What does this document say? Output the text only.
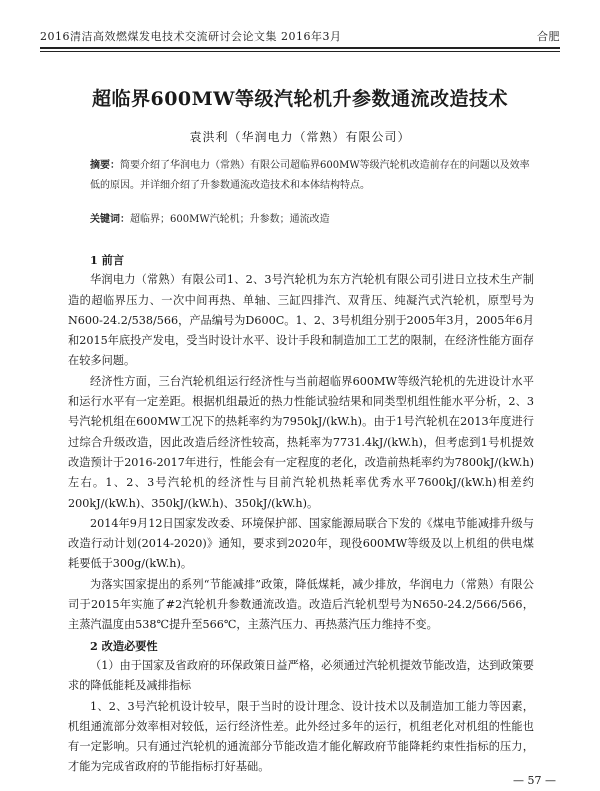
2016清洁高效燃煤发电技术交流研讨会论文集 2016年3月	合肥
超临界600MW等级汽轮机升参数通流改造技术
袁洪利（华润电力（常熟）有限公司）
摘要：简要介绍了华润电力（常熟）有限公司超临界600MW等级汽轮机改造前存在的问题以及效率低的原因。并详细介绍了升参数通流改造技术和本体结构特点。
关键词：超临界；600MW汽轮机；升参数；通流改造
1 前言

华润电力（常熟）有限公司1、2、3号汽轮机为东方汽轮机有限公司引进日立技术生产制造的超临界压力、一次中间再热、单轴、三缸四排汽、双背压、纯凝汽式汽轮机，原型号为N600-24.2/538/566，产品编号为D600C。1、2、3号机组分别于2005年3月，2005年6月和2015年底投产发电，受当时设计水平、设计手段和制造加工工艺的限制，在经济性能方面存在较多问题。

经济性方面，三台汽轮机组运行经济性与当前超临界600MW等级汽轮机的先进设计水平和运行水平有一定差距。根据机组最近的热力性能试验结果和同类型机组性能水平分析，2、3号汽轮机组在600MW工况下的热耗率约为7950kJ/(kW.h)。由于1号汽轮机在2013年度进行过综合升级改造，因此改造后经济性较高，热耗率为7731.4kJ/(kW.h)，但考虑到1号机提效改造预计于2016-2017年进行，性能会有一定程度的老化，改造前热耗率约为7800kJ/(kW.h)左右。1、2、3号汽轮机的经济性与目前汽轮机热耗率优秀水平7600kJ/(kW.h)相差约200kJ/(kW.h)、350kJ/(kW.h)、350kJ/(kW.h)。

2014年9月12日国家发改委、环境保护部、国家能源局联合下发的《煤电节能减排升级与改造行动计划(2014-2020)》通知，要求到2020年，现役600MW等级及以上机组的供电煤耗要低于300g/(kW.h)。

为落实国家提出的系列“节能减排”政策，降低煤耗，减少排放，华润电力（常熟）有限公司于2015年实施了#2汽轮机升参数通流改造。改造后汽轮机型号为N650-24.2/566/566，主蒸汽温度由538℃提升至566℃，主蒸汽压力、再热蒸汽压力维持不变。

2 改造必要性

（1）由于国家及省政府的环保政策日益严格，必须通过汽轮机提效节能改造，达到政策要求的降低能耗及减排指标

1、2、3号汽轮机设计较早，限于当时的设计理念、设计技术以及制造加工能力等因素，机组通流部分效率相对较低，运行经济性差。此外经过多年的运行，机组老化对机组的性能也有一定影响。只有通过汽轮机的通流部分节能改造才能化解政府节能降耗约束性指标的压力，才能为完成省政府的节能指标打好基础。

— 57 —
